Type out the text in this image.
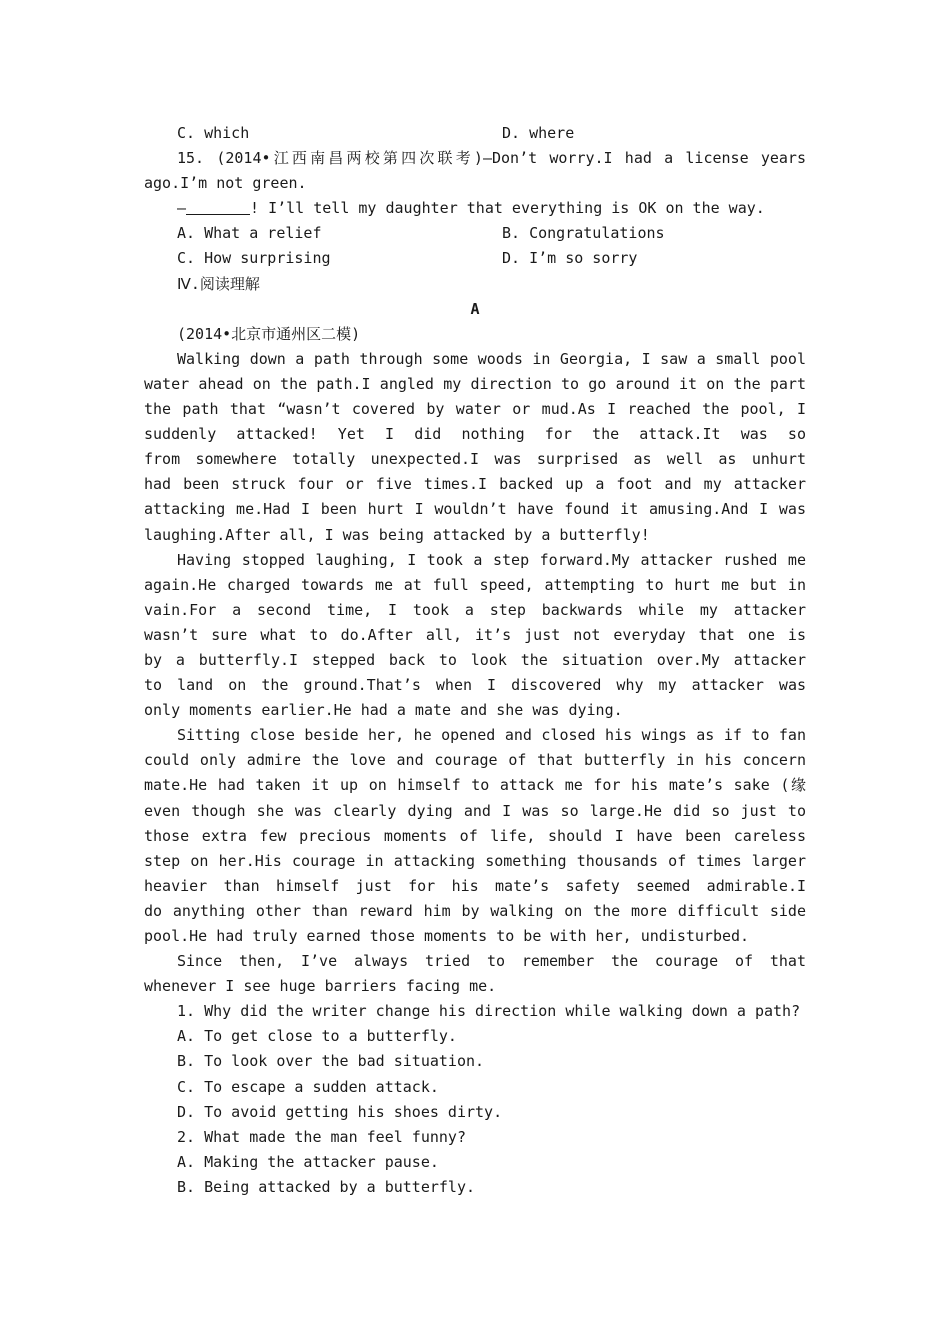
C. which	D. where
15. (2014•江西南昌两校第四次联考)—Don’t worry.I had a license years
ago.I’m not green.
—	! I’ll tell my daughter that everything is OK on the way.
A. What a relief	B. Congratulations
C. How surprising	D. I’m so sorry
Ⅳ.阅读理解
A
(2014•北京市通州区二模)
Walking down a path through some woods in Georgia, I saw a small pool
water ahead on the path.I angled my direction to go around it on the part
the path that “wasn’t covered by water or mud.As I reached the pool, I
suddenly attacked! Yet I did nothing for the attack.It was so
from somewhere totally unexpected.I was surprised as well as unhurt
had been struck four or five times.I backed up a foot and my attacker
attacking me.Had I been hurt I wouldn’t have found it amusing.And I was
laughing.After all, I was being attacked by a butterfly!
Having stopped laughing, I took a step forward.My attacker rushed me
again.He charged towards me at full speed, attempting to hurt me but in
vain.For a second time, I took a step backwards while my attacker
wasn’t sure what to do.After all, it’s just not everyday that one is
by a butterfly.I stepped back to look the situation over.My attacker
to land on the ground.That’s when I discovered why my attacker was
only moments earlier.He had a mate and she was dying.
Sitting close beside her, he opened and closed his wings as if to fan
could only admire the love and courage of that butterfly in his concern
mate.He had taken it up on himself to attack me for his mate’s sake (缘
even though she was clearly dying and I was so large.He did so just to
those extra few precious moments of life, should I have been careless
step on her.His courage in attacking something thousands of times larger
heavier than himself just for his mate’s safety seemed admirable.I
do anything other than reward him by walking on the more difficult side
pool.He had truly earned those moments to be with her, undisturbed.
Since then, I’ve always tried to remember the courage of that
whenever I see huge barriers facing me.
1. Why did the writer change his direction while walking down a path?
A. To get close to a butterfly.
B. To look over the bad situation.
C. To escape a sudden attack.
D. To avoid getting his shoes dirty.
2. What made the man feel funny?
A. Making the attacker pause.
B. Being attacked by a butterfly.
